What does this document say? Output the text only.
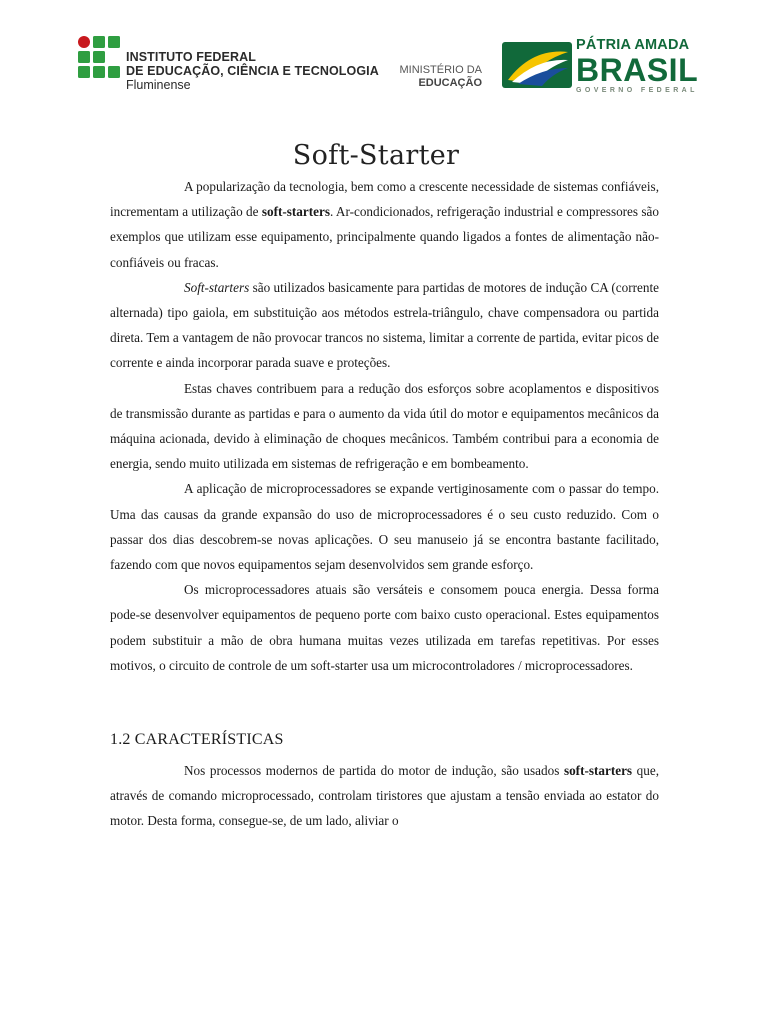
INSTITUTO FEDERAL
DE EDUCAÇÃO, CIÊNCIA E TECNOLOGIA
Fluminense
MINISTÉRIO DA
EDUCAÇÃO
PÁTRIA AMADA
BRASIL
GOVERNO FEDERAL
Soft-Starter

A popularização da tecnologia, bem como a crescente necessidade de sistemas confiáveis, incrementam a utilização de soft-starters. Ar-condicionados, refrigeração industrial e compressores são exemplos que utilizam esse equipamento, principalmente quando ligados a fontes de alimentação não-confiáveis ou fracas.

Soft-starters são utilizados basicamente para partidas de motores de indução CA (corrente alternada) tipo gaiola, em substituição aos métodos estrela-triângulo, chave compensadora ou partida direta. Tem a vantagem de não provocar trancos no sistema, limitar a corrente de partida, evitar picos de corrente e ainda incorporar parada suave e proteções.

Estas chaves contribuem para a redução dos esforços sobre acoplamentos e dispositivos de transmissão durante as partidas e para o aumento da vida útil do motor e equipamentos mecânicos da máquina acionada, devido à eliminação de choques mecânicos. Também contribui para a economia de energia, sendo muito utilizada em sistemas de refrigeração e em bombeamento.

A aplicação de microprocessadores se expande vertiginosamente com o passar do tempo. Uma das causas da grande expansão do uso de microprocessadores é o seu custo reduzido. Com o passar dos dias descobrem-se novas aplicações. O seu manuseio já se encontra bastante facilitado, fazendo com que novos equipamentos sejam desenvolvidos sem grande esforço.

Os microprocessadores atuais são versáteis e consomem pouca energia. Dessa forma pode-se desenvolver equipamentos de pequeno porte com baixo custo operacional. Estes equipamentos podem substituir a mão de obra humana muitas vezes utilizada em tarefas repetitivas. Por esses motivos, o circuito de controle de um soft-starter usa um microcontroladores / microprocessadores.

1.2 CARACTERÍSTICAS

Nos processos modernos de partida do motor de indução, são usados soft-starters que, através de comando microprocessado, controlam tiristores que ajustam a tensão enviada ao estator do motor. Desta forma, consegue-se, de um lado, aliviar o
